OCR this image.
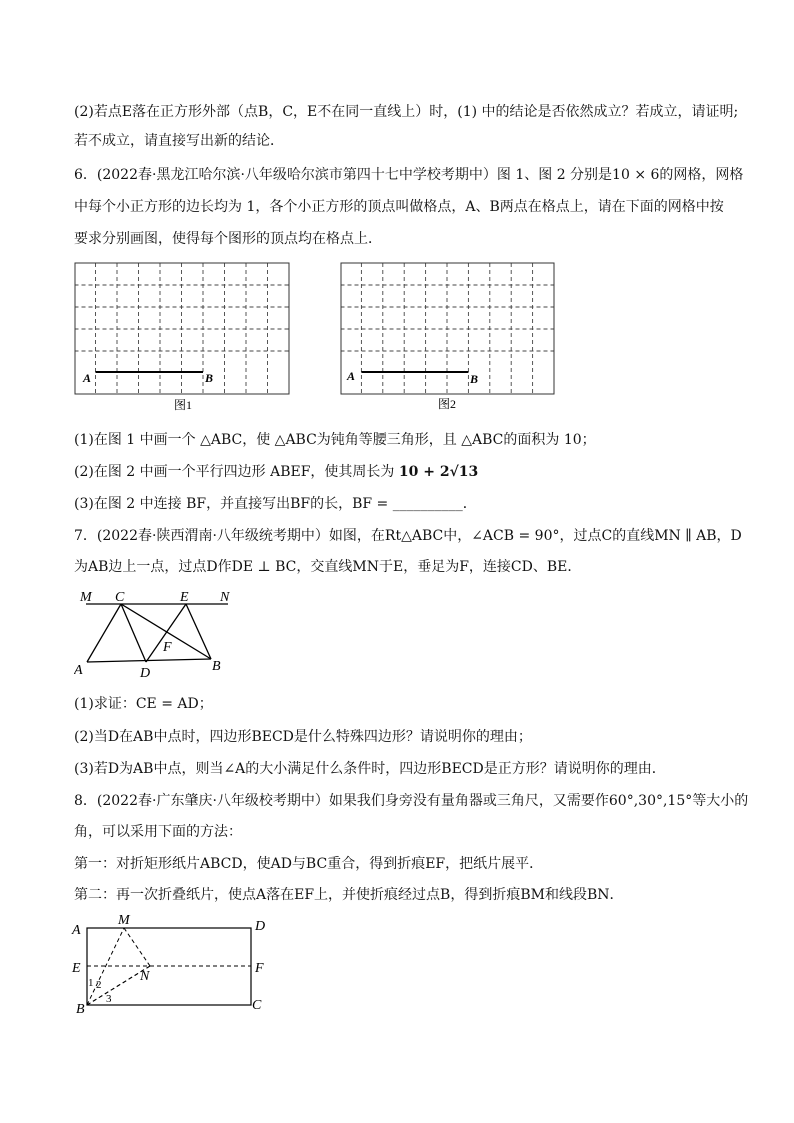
(2)若点E落在正方形外部（点B，C，E不在同一直线上）时，(1) 中的结论是否依然成立？若成立，请证明;
若不成立，请直接写出新的结论．
6．(2022春·黑龙江哈尔滨·八年级哈尔滨市第四十七中学校考期中）图 1、图 2 分别是10 × 6的网格，网格
中每个小正方形的边长均为 1，各个小正方形的顶点叫做格点，A、B两点在格点上，请在下面的网格中按
要求分别画图，使得每个图形的顶点均在格点上．
A	B
图1
A	B
图2
(1)在图 1 中画一个 △ABC，使 △ABC为钝角等腰三角形，且 △ABC的面积为 10；
(2)在图 2 中画一个平行四边形 ABEF，使其周长为 10 + 2√13
(3)在图 2 中连接 BF，并直接写出BF的长，BF = __________．
7．(2022春·陕西渭南·八年级统考期中）如图，在Rt△ABC中，∠ACB = 90°，过点C的直线MN ∥ AB，D
为AB边上一点，过点D作DE ⊥ BC，交直线MN于E，垂足为F，连接CD、BE．
M C	E N
F
A	D	B
(1)求证：CE = AD；
(2)当D在AB中点时，四边形BECD是什么特殊四边形？请说明你的理由；
(3)若D为AB中点，则当∠A的大小满足什么条件时，四边形BECD是正方形？请说明你的理由．
8．(2022春·广东肇庆·八年级校考期中）如果我们身旁没有量角器或三角尺，又需要作60°,30°,15°等大小的
角，可以采用下面的方法：
第一：对折矩形纸片ABCD，使AD与BC重合，得到折痕EF，把纸片展平．
第二：再一次折叠纸片，使点A落在EF上，并使折痕经过点B，得到折痕BM和线段BN．
A
M	D
E
N
F
B	C
1 2
3
